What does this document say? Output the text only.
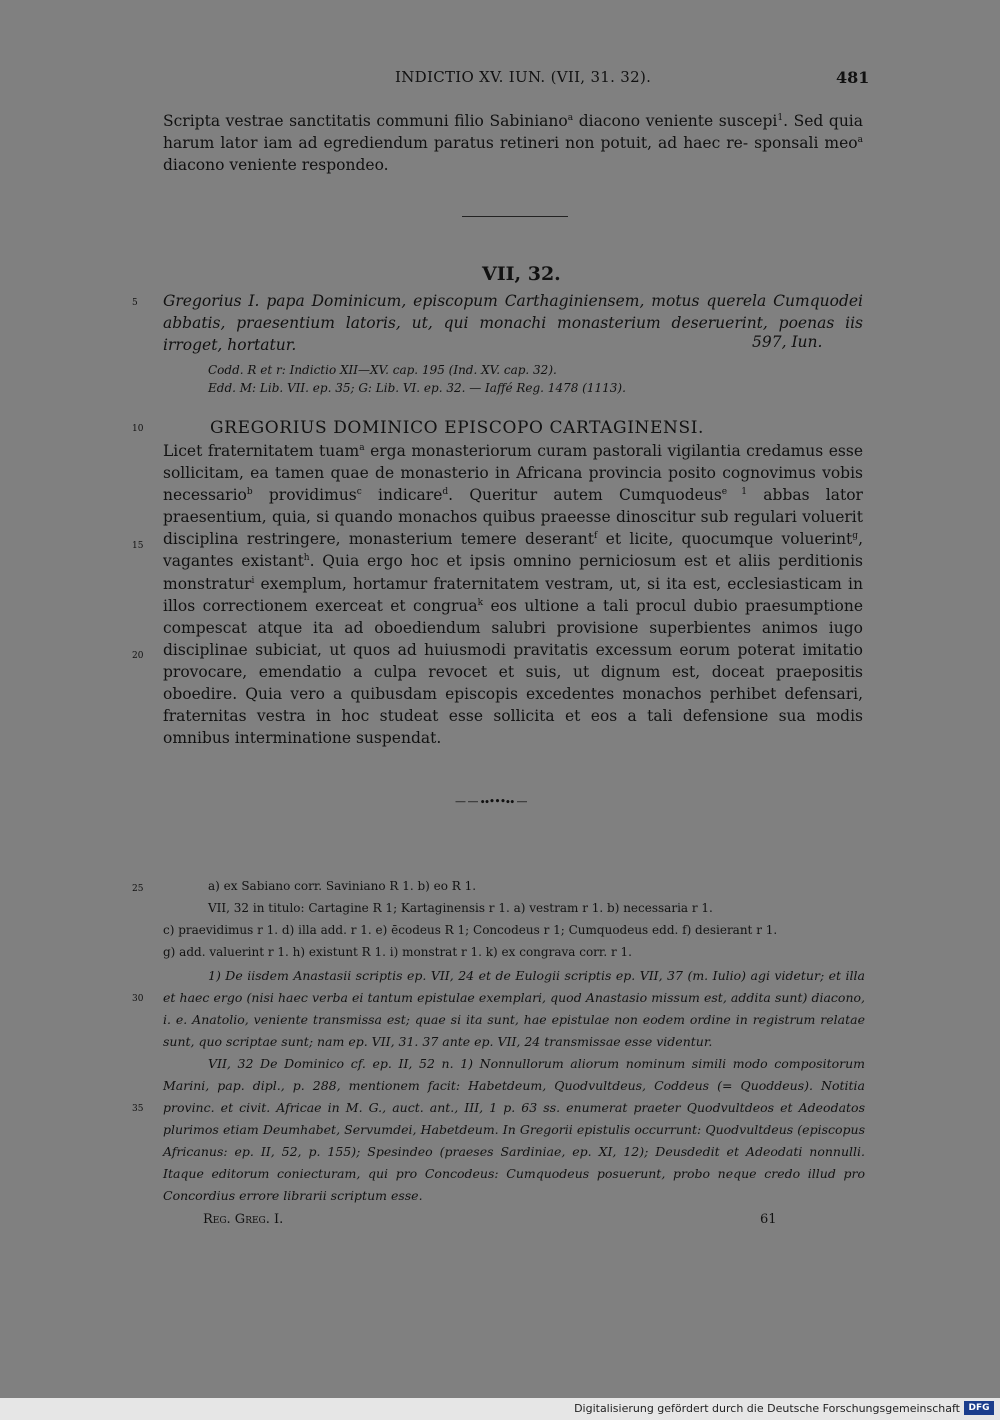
INDICTIO XV. IUN. (VII, 31. 32).	481
Scripta vestrae sanctitatis communi filio Sabiniano$^a$ diacono veniente suscepi$^1$. Sed quia harum lator iam ad egrediendum paratus retineri non potuit, ad haec re- sponsali meo$^a$ diacono veniente respondeo.
VII, 32.
Gregorius I. papa Dominicum, episcopum Carthaginiensem, motus querela Cumquodei abbatis, praesentium latoris, ut, qui monachi monasterium deseruerint, poenas iis irroget, hortatur.	597, Iun.
Codd. R et r: Indictio XII—XV. cap. 195 (Ind. XV. cap. 32).
Edd. M: Lib. VII. ep. 35; G: Lib. VI. ep. 32. — Iaffé Reg. 1478 (1113).
GREGORIUS DOMINICO EPISCOPO CARTAGINENSI.
Licet fraternitatem tuam$^a$ erga monasteriorum curam pastorali vigilantia credamus esse sollicitam, ea tamen quae de monasterio in Africana provincia posito cognovimus vobis necessario$^b$ providimus$^c$ indicare$^d$. Queritur autem Cumquodeus$^{e 1}$ abbas lator praesentium, quia, si quando monachos quibus praeesse dinoscitur sub regulari voluerit disciplina restringere, monasterium temere deserant$^f$ et licite, quocumque voluerint$^g$, vagantes existant$^h$. Quia ergo hoc et ipsis omnino perniciosum est et aliis perditionis monstratur$^i$ exemplum, hortamur fraternitatem vestram, ut, si ita est, ecclesiasticam in illos correctionem exerceat et congrua$^k$ eos ultione a tali procul dubio praesumptione compescat atque ita ad oboediendum salubri provisione superbientes animos iugo disciplinae subiciat, ut quos ad huiusmodi pravitatis excessum eorum poterat imitatio provocare, emendatio a culpa revocet et suis, ut dignum est, doceat praepositis oboedire. Quia vero a quibusdam episcopis excedentes monachos perhibet defensari, fraternitas vestra in hoc studeat esse sollicita et eos a tali defensione sua modis omnibus interminatione suspendat.
5
10
15
20
25
30
35
— — ∙∙•••∙∙ —
a) ex Sabiano corr. Saviniano R 1. b) eo R 1.
VII, 32 in titulo: Cartagine R 1; Kartaginensis r 1. a) vestram r 1. b) necessaria r 1.
c) praevidimus r 1. d) illa add. r 1. e) ēcodeus R 1; Concodeus r 1; Cumquodeus edd. f) desierant r 1.
g) add. valuerint r 1. h) existunt R 1. i) monstrat r 1. k) ex congrava corr. r 1.
1) De iisdem Anastasii scriptis ep. VII, 24 et de Eulogii scriptis ep. VII, 37 (m. Iulio) agi videtur; et illa et haec ergo (nisi haec verba ei tantum epistulae exemplari, quod Anastasio missum est, addita sunt) diacono, i. e. Anatolio, veniente transmissa est; quae si ita sunt, hae epistulae non eodem ordine in registrum relatae sunt, quo scriptae sunt; nam ep. VII, 31. 37 ante ep. VII, 24 transmissae esse videntur.
VII, 32 De Dominico cf. ep. II, 52 n. 1) Nonnullorum aliorum nominum simili modo compositorum Marini, pap. dipl., p. 288, mentionem facit: Habetdeum, Quodvultdeus, Coddeus (= Quoddeus). Notitia provinc. et civit. Africae in M. G., auct. ant., III, 1 p. 63 ss. enumerat praeter Quodvultdeos et Adeodatos plurimos etiam Deumhabet, Servumdei, Habetdeum. In Gregorii epistulis occurrunt: Quodvultdeus (episcopus Africanus: ep. II, 52, p. 155); Spesindeo (praeses Sardiniae, ep. XI, 12); Deusdedit et Adeodati nonnulli. Itaque editorum coniecturam, qui pro Concodeus: Cumquodeus posuerunt, probo neque credo illud pro Concordius errore librarii scriptum esse.
Reg. Greg. I.	61
Digitalisierung gefördert durch die Deutsche Forschungsgemeinschaft DFG
